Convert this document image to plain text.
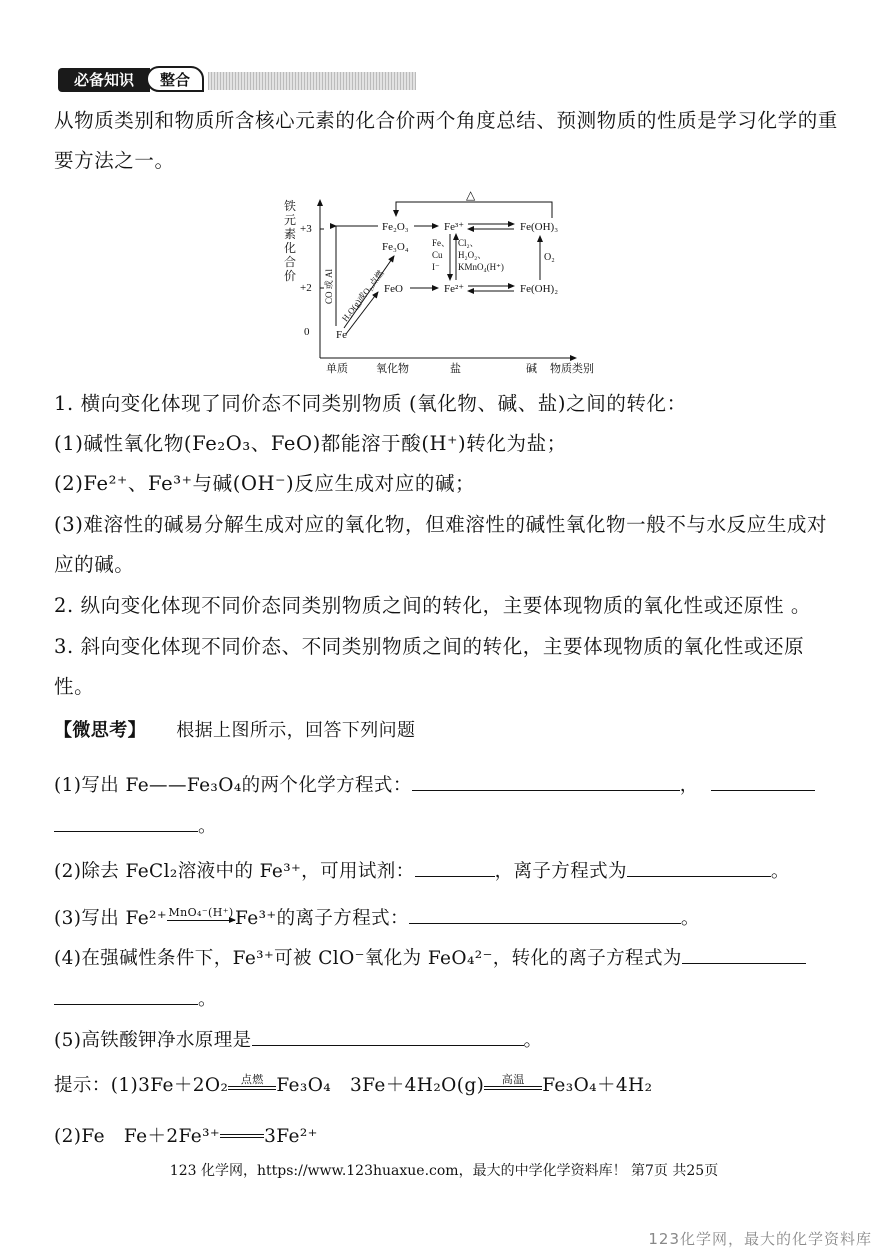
必备知识	整合
从物质类别和物质所含核心元素的化合价两个角度总结、预测物质的性质是学习化学的重要方法之一。
铁
元
素
化
合
价
+3
+2
0
单质	氧化物	盐	碱 物质类别
Fe
FeO
Fe₂O₃
Fe₃O₄
Fe³⁺
Fe²⁺
Fe(OH)₃
Fe(OH)₂
△
O₂
Fe、
Cu
I⁻
Cl₂、
H₂O₂、
KMnO₄(H⁺)
CO 或 Al H₂O(g)或O₂,点燃
1. 横向变化体现了同价态不同类别物质 (氧化物、碱、盐)之间的转化：
(1)碱性氧化物(Fe₂O₃、FeO)都能溶于酸(H⁺)转化为盐；
(2)Fe²⁺、Fe³⁺与碱(OH⁻)反应生成对应的碱；
(3)难溶性的碱易分解生成对应的氧化物，但难溶性的碱性氧化物一般不与水反应生成对应的碱。
2. 纵向变化体现不同价态同类别物质之间的转化，主要体现物质的氧化性或还原性 。
3. 斜向变化体现不同价态、不同类别物质之间的转化，主要体现物质的氧化性或还原性。
【微思考】 根据上图所示，回答下列问题
(1)写出 Fe——Fe₃O₄的两个化学方程式：	，
。
(2)除去 FeCl₂溶液中的 Fe³⁺，可用试剂：	，离子方程式为	。
(3)写出 Fe²⁺ MnO₄⁻(H⁺) Fe³⁺的离子方程式：	。
(4)在强碱性条件下，Fe³⁺可被 ClO⁻氧化为 FeO₄²⁻，转化的离子方程式为
。
(5)高铁酸钾净水原理是	。
提示：(1)3Fe＋2O₂	点燃 Fe₃O₄　3Fe＋4H₂O(g)	高温 Fe₃O₄＋4H₂
(2)Fe　Fe＋2Fe³⁺ 3Fe²⁺
123 化学网，https://www.123huaxue.com，最大的中学化学资料库！ 第7页 共25页
123化学网，最大的化学资料库
